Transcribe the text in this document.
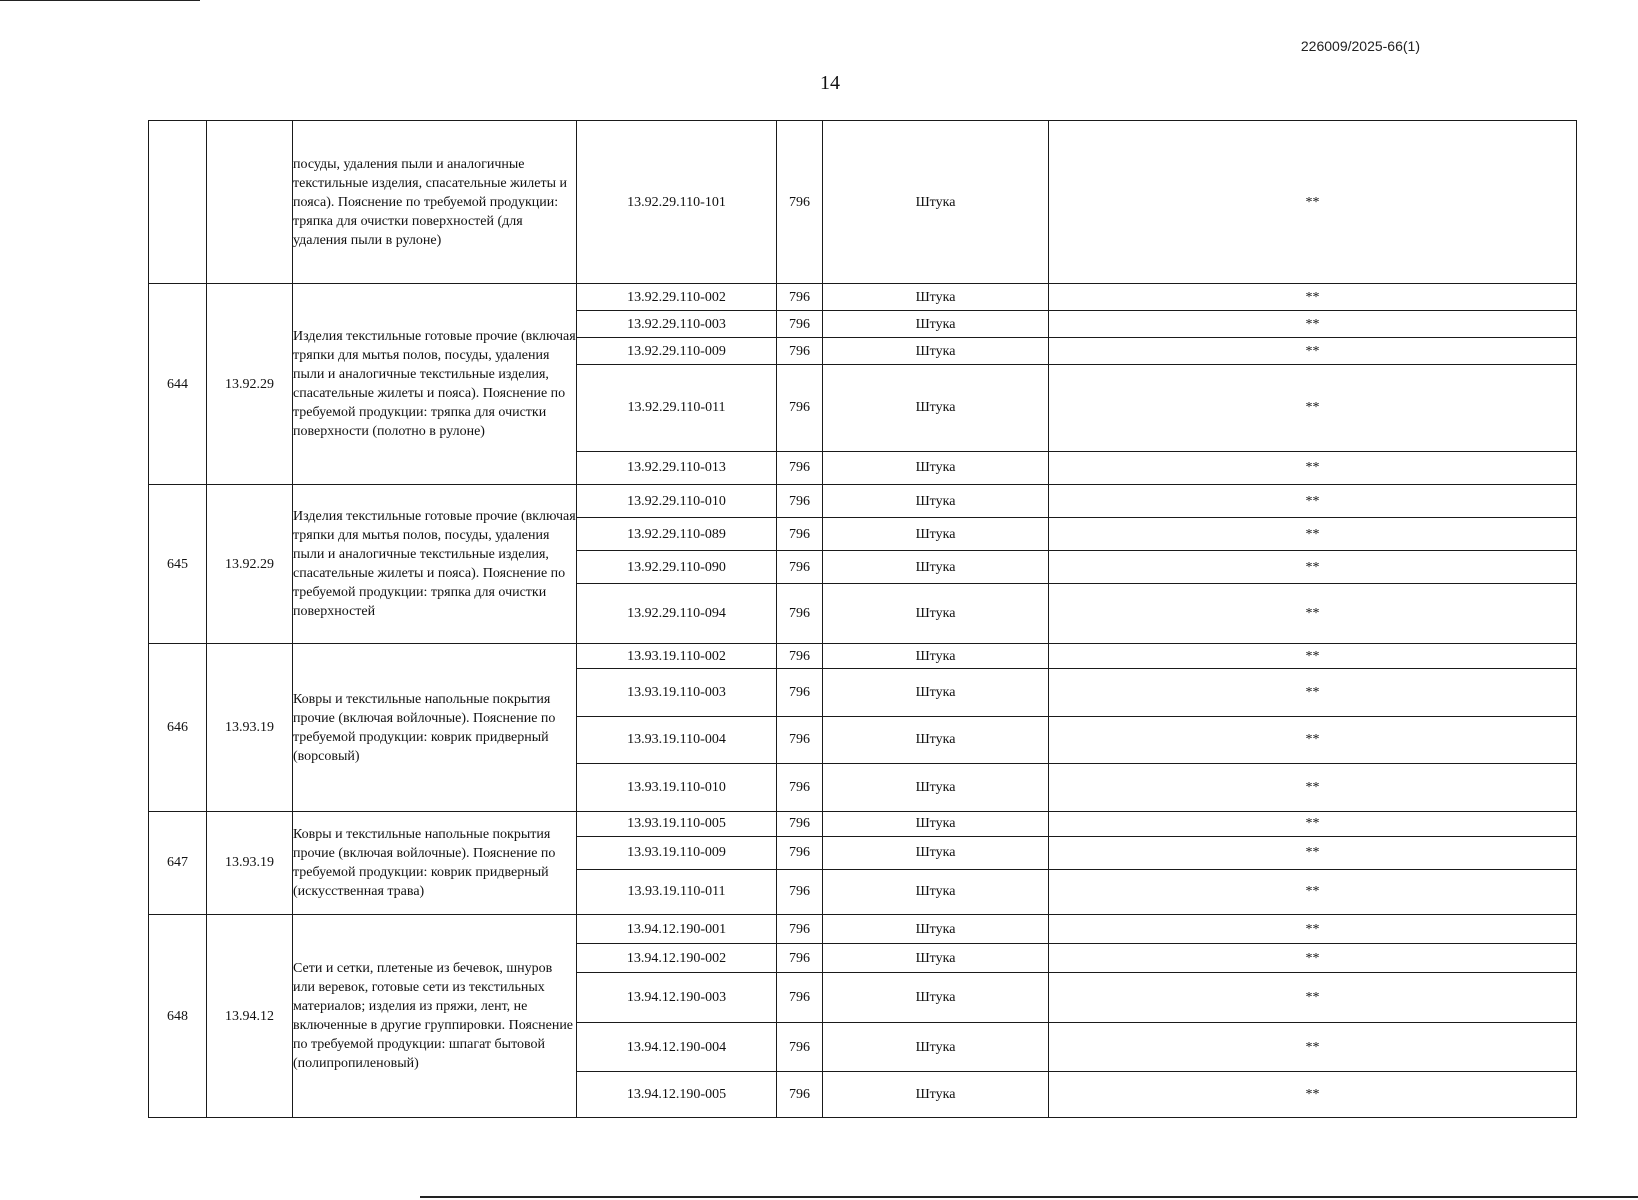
226009/2025-66(1)
14
		посуды, удаления пыли и аналогичные текстильные изделия, спасательные жилеты и пояса). Пояснение по требуемой продукции: тряпка для очистки поверхностей (для удаления пыли в рулоне)	13.92.29.110-101	796	Штука	**
644	13.92.29	Изделия текстильные готовые прочие (включая тряпки для мытья полов, посуды, удаления пыли и аналогичные текстильные изделия, спасательные жилеты и пояса). Пояснение по требуемой продукции: тряпка для очистки поверхности (полотно в рулоне)	13.92.29.110-002	796	Штука	**
			13.92.29.110-003	796	Штука	**
			13.92.29.110-009	796	Штука	**
			13.92.29.110-011	796	Штука	**
			13.92.29.110-013	796	Штука	**
645	13.92.29	Изделия текстильные готовые прочие (включая тряпки для мытья полов, посуды, удаления пыли и аналогичные текстильные изделия, спасательные жилеты и пояса). Пояснение по требуемой продукции: тряпка для очистки поверхностей	13.92.29.110-010	796	Штука	**
			13.92.29.110-089	796	Штука	**
			13.92.29.110-090	796	Штука	**
			13.92.29.110-094	796	Штука	**
646	13.93.19	Ковры и текстильные напольные покрытия прочие (включая войлочные). Пояснение по требуемой продукции: коврик придверный (ворсовый)	13.93.19.110-002	796	Штука	**
			13.93.19.110-003	796	Штука	**
			13.93.19.110-004	796	Штука	**
			13.93.19.110-010	796	Штука	**
647	13.93.19	Ковры и текстильные напольные покрытия прочие (включая войлочные). Пояснение по требуемой продукции: коврик придверный (искусственная трава)	13.93.19.110-005	796	Штука	**
			13.93.19.110-009	796	Штука	**
			13.93.19.110-011	796	Штука	**
648	13.94.12	Сети и сетки, плетеные из бечевок, шнуров или веревок, готовые сети из текстильных материалов; изделия из пряжи, лент, не включенные в другие группировки. Пояснение по требуемой продукции: шпагат бытовой (полипропиленовый)	13.94.12.190-001	796	Штука	**
			13.94.12.190-002	796	Штука	**
			13.94.12.190-003	796	Штука	**
			13.94.12.190-004	796	Штука	**
			13.94.12.190-005	796	Штука	**
